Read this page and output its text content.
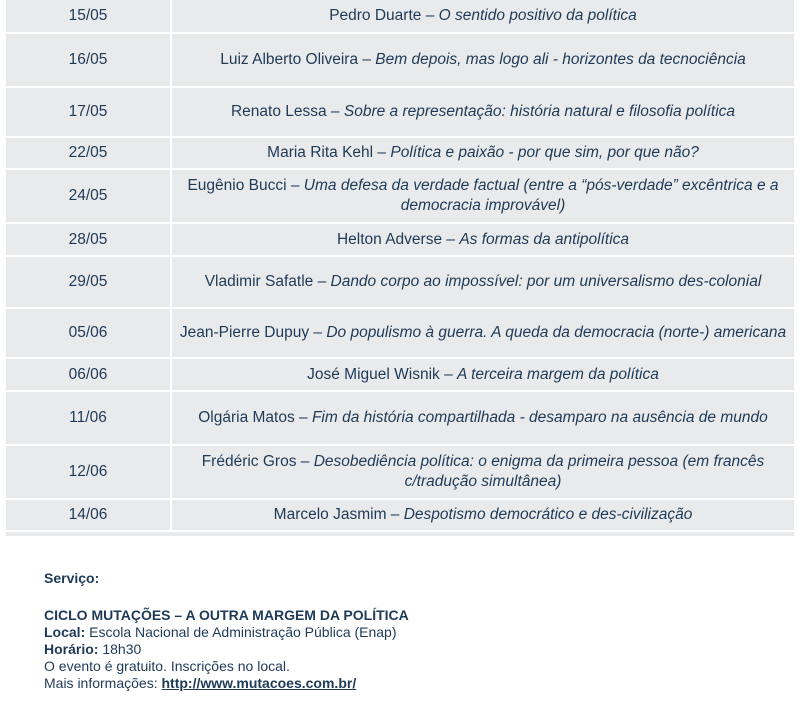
15/05	Pedro Duarte – O sentido positivo da política
16/05	Luiz Alberto Oliveira – Bem depois, mas logo ali - horizontes da tecnociência
17/05	Renato Lessa – Sobre a representação: história natural e filosofia política
22/05	Maria Rita Kehl – Política e paixão - por que sim, por que não?
24/05	Eugênio Bucci – Uma defesa da verdade factual (entre a “pós-verdade” excêntrica e a democracia improvável)
28/05	Helton Adverse – As formas da antipolítica
29/05	Vladimir Safatle – Dando corpo ao impossível: por um universalismo des-colonial
05/06	Jean-Pierre Dupuy – Do populismo à guerra. A queda da democracia (norte-) americana
06/06	José Miguel Wisnik – A terceira margem da política
11/06	Olgária Matos – Fim da história compartilhada - desamparo na ausência de mundo
12/06	Frédéric Gros – Desobediência política: o enigma da primeira pessoa (em francês c/tradução simultânea)
14/06	Marcelo Jasmim – Despotismo democrático e des-civilização
Serviço:
CICLO MUTAÇÕES – A OUTRA MARGEM DA POLÍTICA
Local: Escola Nacional de Administração Pública (Enap)
Horário: 18h30
O evento é gratuito. Inscrições no local.
Mais informações: http://www.mutacoes.com.br/
